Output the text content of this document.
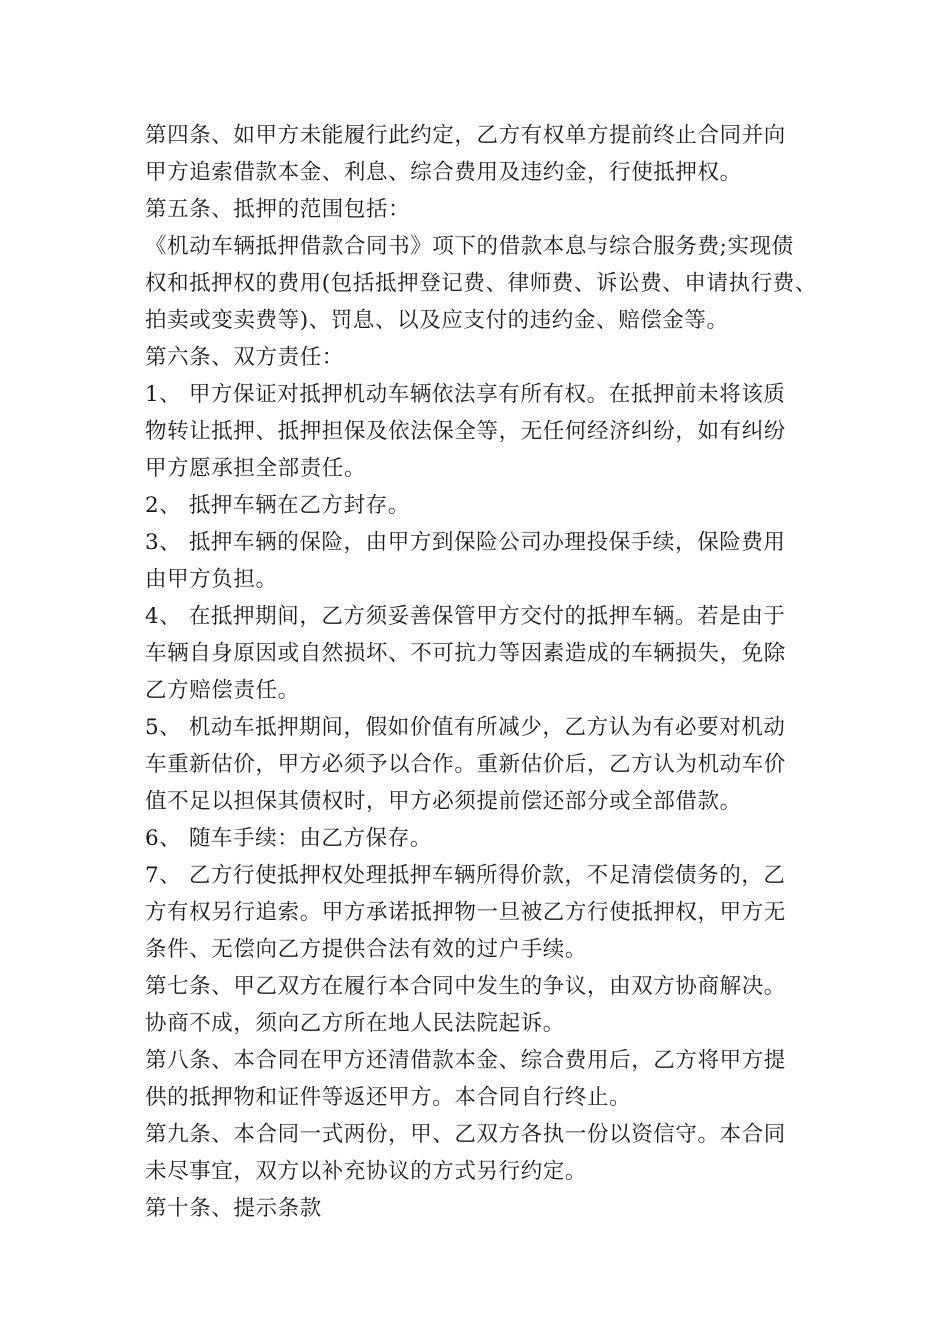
第四条、如甲方未能履行此约定，乙方有权单方提前终止合同并向
甲方追索借款本金、利息、综合费用及违约金，行使抵押权。
第五条、抵押的范围包括：
《机动车辆抵押借款合同书》项下的借款本息与综合服务费;实现债
权和抵押权的费用(包括抵押登记费、律师费、诉讼费、申请执行费、
拍卖或变卖费等)、罚息、以及应支付的违约金、赔偿金等。
第六条、双方责任：
1、 甲方保证对抵押机动车辆依法享有所有权。在抵押前未将该质
物转让抵押、抵押担保及依法保全等，无任何经济纠纷，如有纠纷
甲方愿承担全部责任。
2、 抵押车辆在乙方封存。
3、 抵押车辆的保险，由甲方到保险公司办理投保手续，保险费用
由甲方负担。
4、 在抵押期间，乙方须妥善保管甲方交付的抵押车辆。若是由于
车辆自身原因或自然损坏、不可抗力等因素造成的车辆损失，免除
乙方赔偿责任。
5、 机动车抵押期间，假如价值有所减少，乙方认为有必要对机动
车重新估价，甲方必须予以合作。重新估价后，乙方认为机动车价
值不足以担保其债权时，甲方必须提前偿还部分或全部借款。
6、 随车手续：由乙方保存。
7、 乙方行使抵押权处理抵押车辆所得价款，不足清偿债务的，乙
方有权另行追索。甲方承诺抵押物一旦被乙方行使抵押权，甲方无
条件、无偿向乙方提供合法有效的过户手续。
第七条、甲乙双方在履行本合同中发生的争议，由双方协商解决。
协商不成，须向乙方所在地人民法院起诉。
第八条、本合同在甲方还清借款本金、综合费用后，乙方将甲方提
供的抵押物和证件等返还甲方。本合同自行终止。
第九条、本合同一式两份，甲、乙双方各执一份以资信守。本合同
未尽事宜，双方以补充协议的方式另行约定。
第十条、提示条款
